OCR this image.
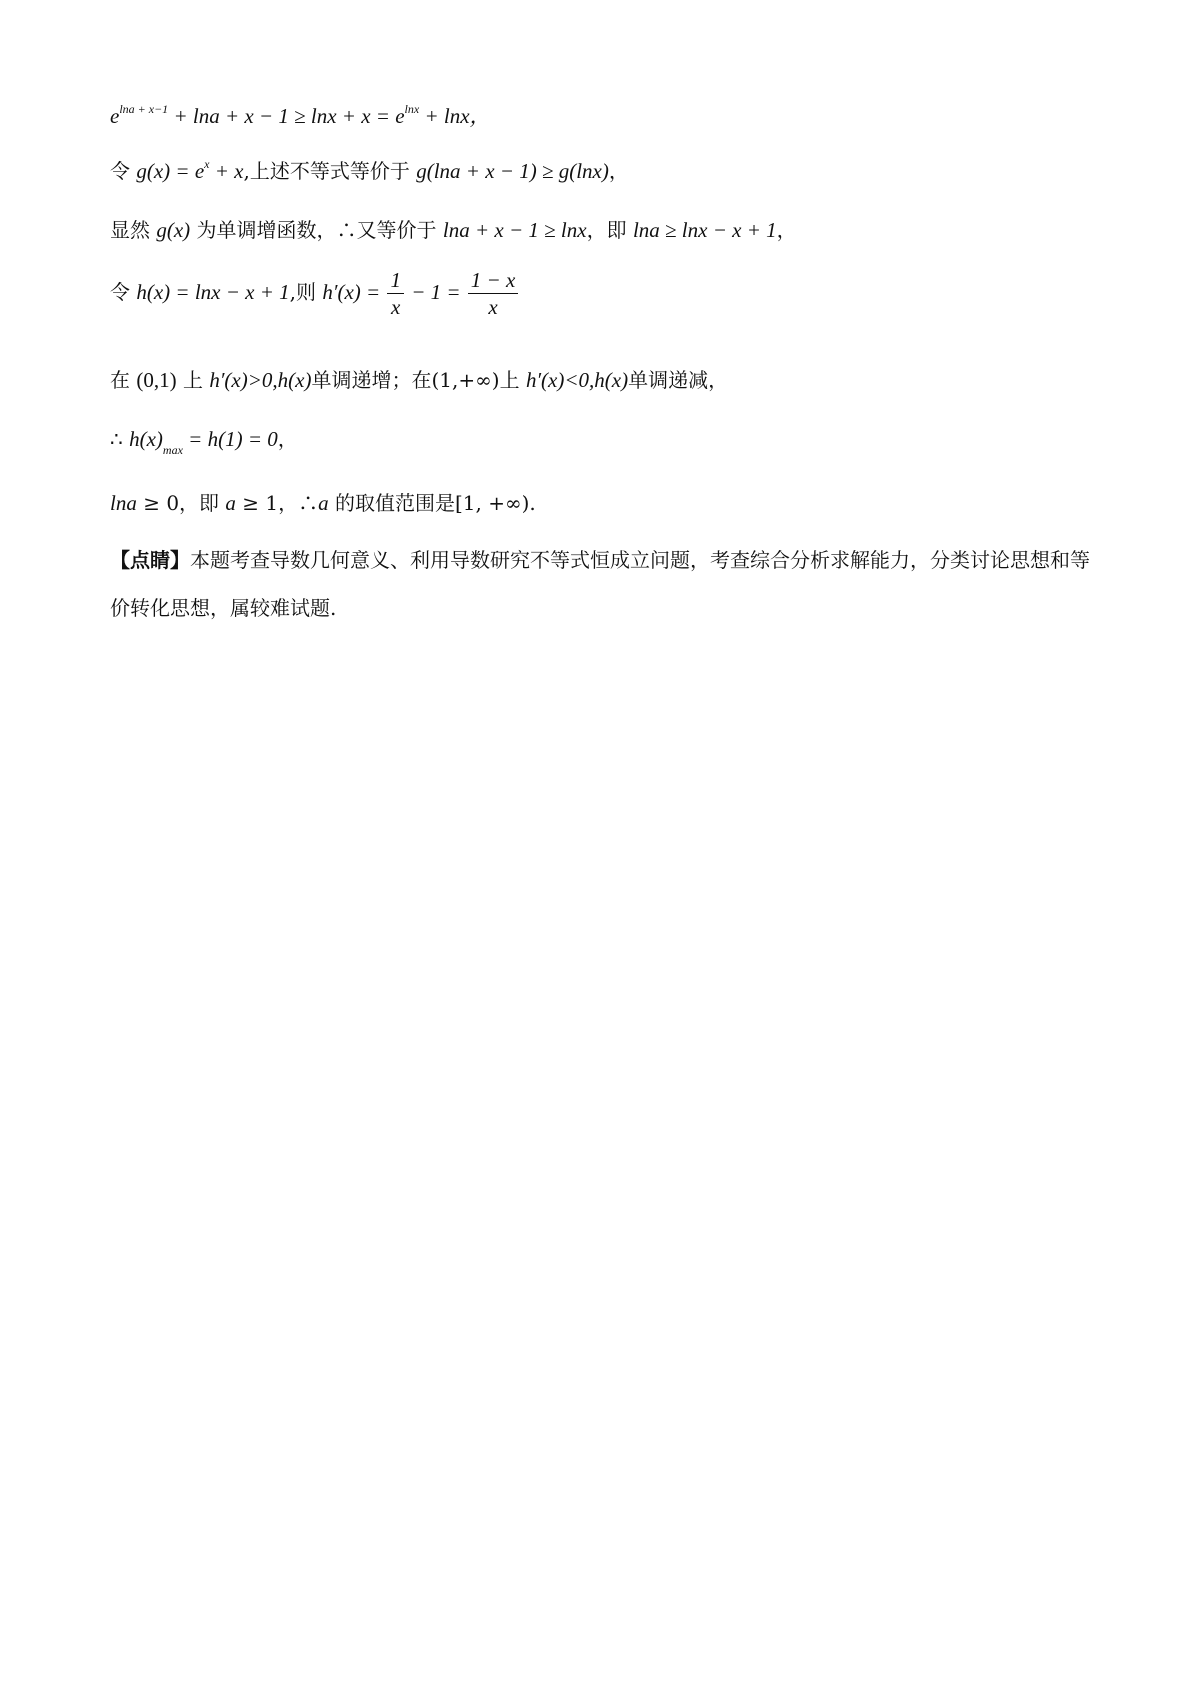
$e^{lna + x-1} + \ln a + x - 1 \ge \ln x + x = e^{lnx} + \ln x$，
令 $g(x) = e^x + x$,上述不等式等价于 g(lna + x − 1) ≥ g(lnx)，
显然 g(x) 为单调增函数，∴又等价于 lna + x − 1 ≥ lnx，即 lna ≥ lnx − x + 1，
令 h(x) = lnx − x + 1,则 $h'(x) = \frac{1}{x} - 1 = \frac{1 - x}{x}$
在 (0,1) 上 h′(x)>0,h(x)单调递增；在(1,+∞)上 h′(x)<0,h(x)单调递减，
∴ $h(x)_{max} = h(1) = 0$，
lna ≥ 0，即 a ≥ 1，∴a 的取值范围是[1, +∞).
【点睛】本题考查导数几何意义、利用导数研究不等式恒成立问题，考查综合分析求解能力，分类讨论思想和等价转化思想，属较难试题.
